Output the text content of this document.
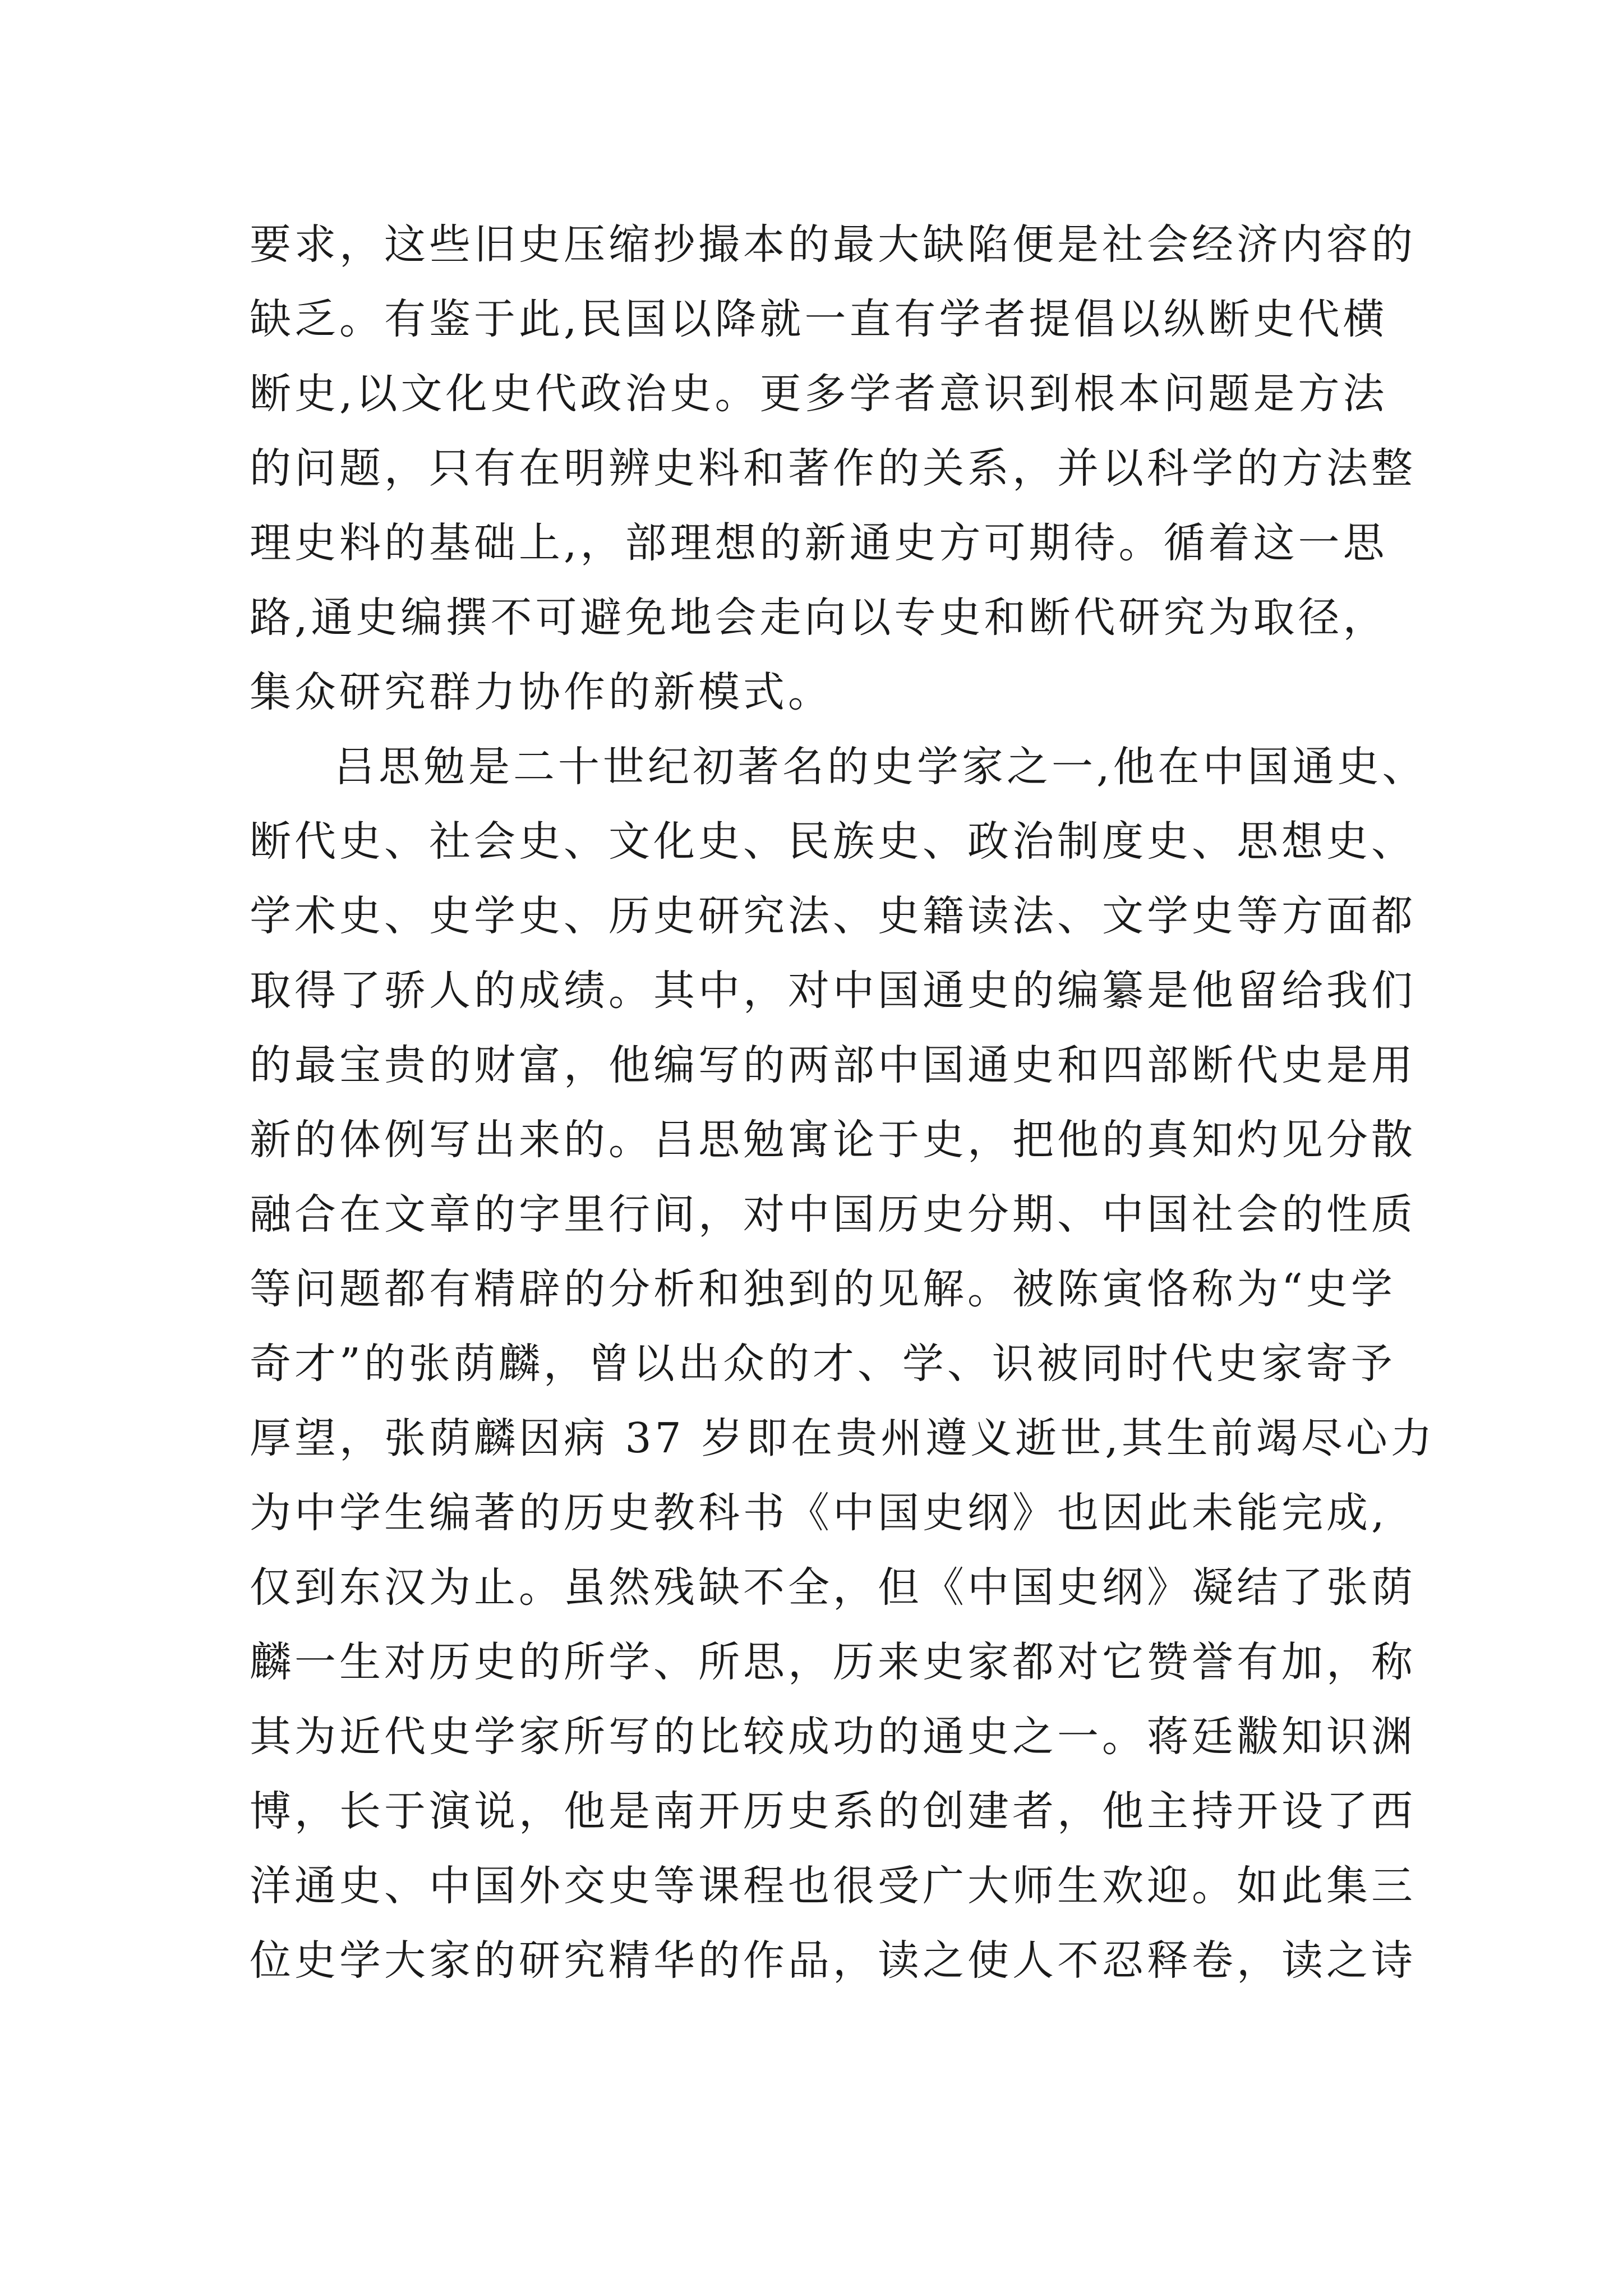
要求，这些旧史压缩抄撮本的最大缺陷便是社会经济内容的
缺乏。有鉴于此,民国以降就一直有学者提倡以纵断史代横
断史,以文化史代政治史。更多学者意识到根本问题是方法
的问题，只有在明辨史料和著作的关系，并以科学的方法整
理史料的基础上,，部理想的新通史方可期待。循着这一思
路,通史编撰不可避免地会走向以专史和断代研究为取径，
集众研究群力协作的新模式。
吕思勉是二十世纪初著名的史学家之一,他在中国通史、
断代史、社会史、文化史、民族史、政治制度史、思想史、
学术史、史学史、历史研究法、史籍读法、文学史等方面都
取得了骄人的成绩。其中，对中国通史的编纂是他留给我们
的最宝贵的财富，他编写的两部中国通史和四部断代史是用
新的体例写出来的。吕思勉寓论于史，把他的真知灼见分散
融合在文章的字里行间，对中国历史分期、中国社会的性质
等问题都有精辟的分析和独到的见解。被陈寅恪称为“史学
奇才”的张荫麟，曾以出众的才、学、识被同时代史家寄予
厚望，张荫麟因病 37 岁即在贵州遵义逝世,其生前竭尽心力
为中学生编著的历史教科书《中国史纲》也因此未能完成,
仅到东汉为止。虽然残缺不全，但《中国史纲》凝结了张荫
麟一生对历史的所学、所思，历来史家都对它赞誉有加，称
其为近代史学家所写的比较成功的通史之一。蒋廷黻知识渊
博，长于演说，他是南开历史系的创建者，他主持开设了西
洋通史、中国外交史等课程也很受广大师生欢迎。如此集三
位史学大家的研究精华的作品，读之使人不忍释卷，读之诗
